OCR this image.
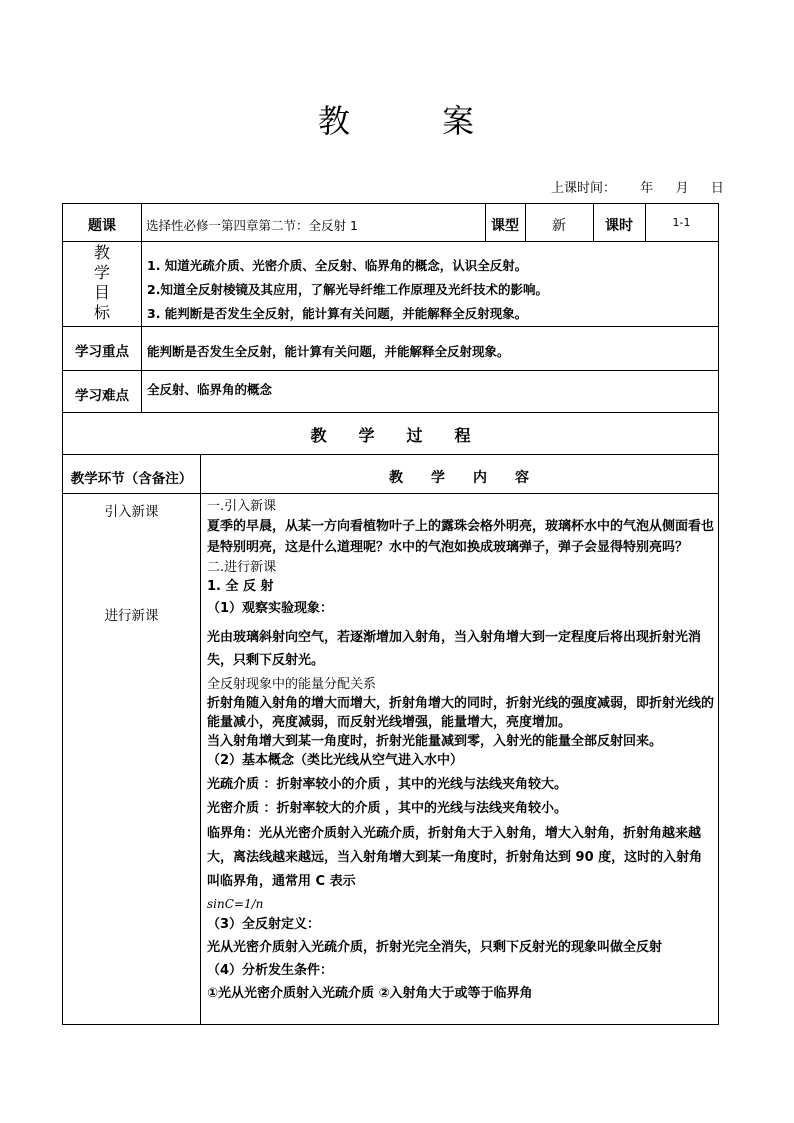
教	案
上课时间： 年 月 日
题课	选择性必修一第四章第二节：全反射 1	课型	新	课时	1-1
教
学
目
标
1. 知道光疏介质、光密介质、全反射、临界角的概念，认识全反射。
2.知道全反射棱镜及其应用，了解光导纤维工作原理及光纤技术的影响。
3. 能判断是否发生全反射，能计算有关问题，并能解释全反射现象。
学习重点	能判断是否发生全反射，能计算有关问题，并能解释全反射现象。
学习难点	全反射、临界角的概念
教　　学　　过　　程
教学环节（含备注）	教　　学　　内　　容
引入新课
进行新课
一.引入新课
夏季的早晨，从某一方向看植物叶子上的露珠会格外明亮，玻璃杯水中的气泡从侧面看也是特别明亮，这是什么道理呢？水中的气泡如换成玻璃弹子，弹子会显得特别亮吗？
二.进行新课
1. 全 反 射
（1）观察实验现象：
光由玻璃斜射向空气，若逐渐增加入射角，当入射角增大到一定程度后将出现折射光消失，只剩下反射光。
全反射现象中的能量分配关系
折射角随入射角的增大而增大，折射角增大的同时，折射光线的强度减弱，即折射光线的能量减小，亮度减弱，而反射光线增强，能量增大，亮度增加。
当入射角增大到某一角度时，折射光能量减到零，入射光的能量全部反射回来。
（2）基本概念（类比光线从空气进入水中）
光疏介质 ：折射率较小的介质 ，其中的光线与法线夹角较大。
光密介质 ：折射率较大的介质 ，其中的光线与法线夹角较小。
临界角：光从光密介质射入光疏介质，折射角大于入射角，增大入射角，折射角越来越大，离法线越来越远，当入射角增大到某一角度时，折射角达到 90 度，这时的入射角叫临界角，通常用 C 表示
sinC=1/n
（3）全反射定义：
光从光密介质射入光疏介质，折射光完全消失，只剩下反射光的现象叫做全反射
（4）分析发生条件：
①光从光密介质射入光疏介质 ②入射角大于或等于临界角
